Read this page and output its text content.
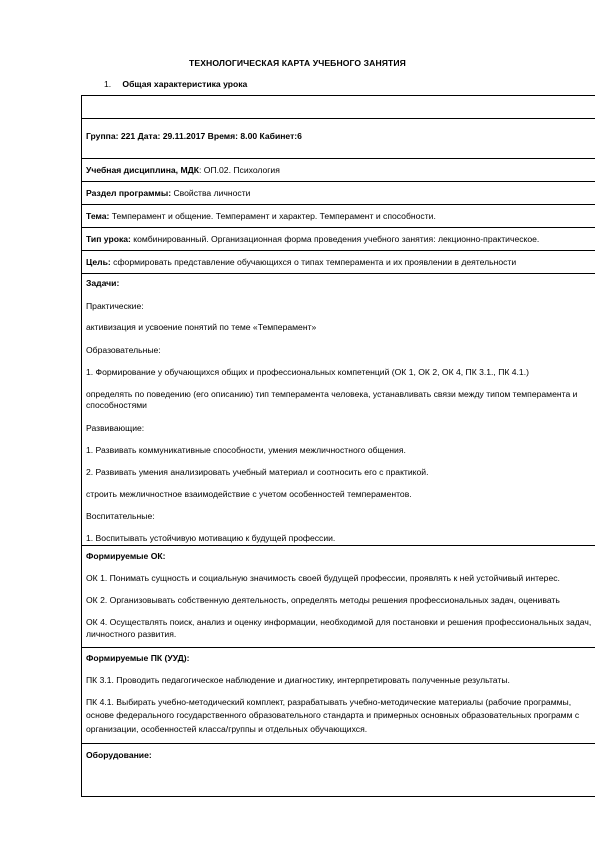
ТЕХНОЛОГИЧЕСКАЯ КАРТА УЧЕБНОГО ЗАНЯТИЯ
1. Общая характеристика урока
Группа: 221 Дата: 29.11.2017 Время: 8.00 Кабинет:6
Учебная дисциплина, МДК: ОП.02. Психология
Раздел программы: Свойства личности
Тема: Темперамент и общение. Темперамент и характер. Темперамент и способности.
Тип урока: комбинированный. Организационная форма проведения учебного занятия: лекционно-практическое.
Цель: сформировать представление обучающихся о типах темперамента и их проявлении в деятельности
Задачи:
Практические:
активизация и усвоение понятий по теме «Темперамент»
Образовательные:
1. Формирование у обучающихся общих и профессиональных компетенций (ОК 1, ОК 2, ОК 4, ПК 3.1., ПК 4.1.)
определять по поведению (его описанию) тип темперамента человека, устанавливать связи между типом темперамента и
способностями
Развивающие:
1. Развивать коммуникативные способности, умения межличностного общения.
2. Развивать умения анализировать учебный материал и соотносить его с практикой.
строить межличностное взаимодействие с учетом особенностей темпераментов.
Воспитательные:
1. Воспитывать устойчивую мотивацию к будущей профессии.
Формируемые ОК:
ОК 1. Понимать сущность и социальную значимость своей будущей профессии, проявлять к ней устойчивый интерес.
ОК 2. Организовывать собственную деятельность, определять методы решения профессиональных задач, оценивать
ОК 4. Осуществлять поиск, анализ и оценку информации, необходимой для постановки и решения профессиональных задач,
личностного развития.
Формируемые ПК (УУД):
ПК 3.1. Проводить педагогическое наблюдение и диагностику, интерпретировать полученные результаты.
ПК 4.1. Выбирать учебно-методический комплект, разрабатывать учебно-методические материалы (рабочие программы,
основе федерального государственного образовательного стандарта и примерных основных образовательных программ с
организации, особенностей класса/группы и отдельных обучающихся.
Оборудование:
